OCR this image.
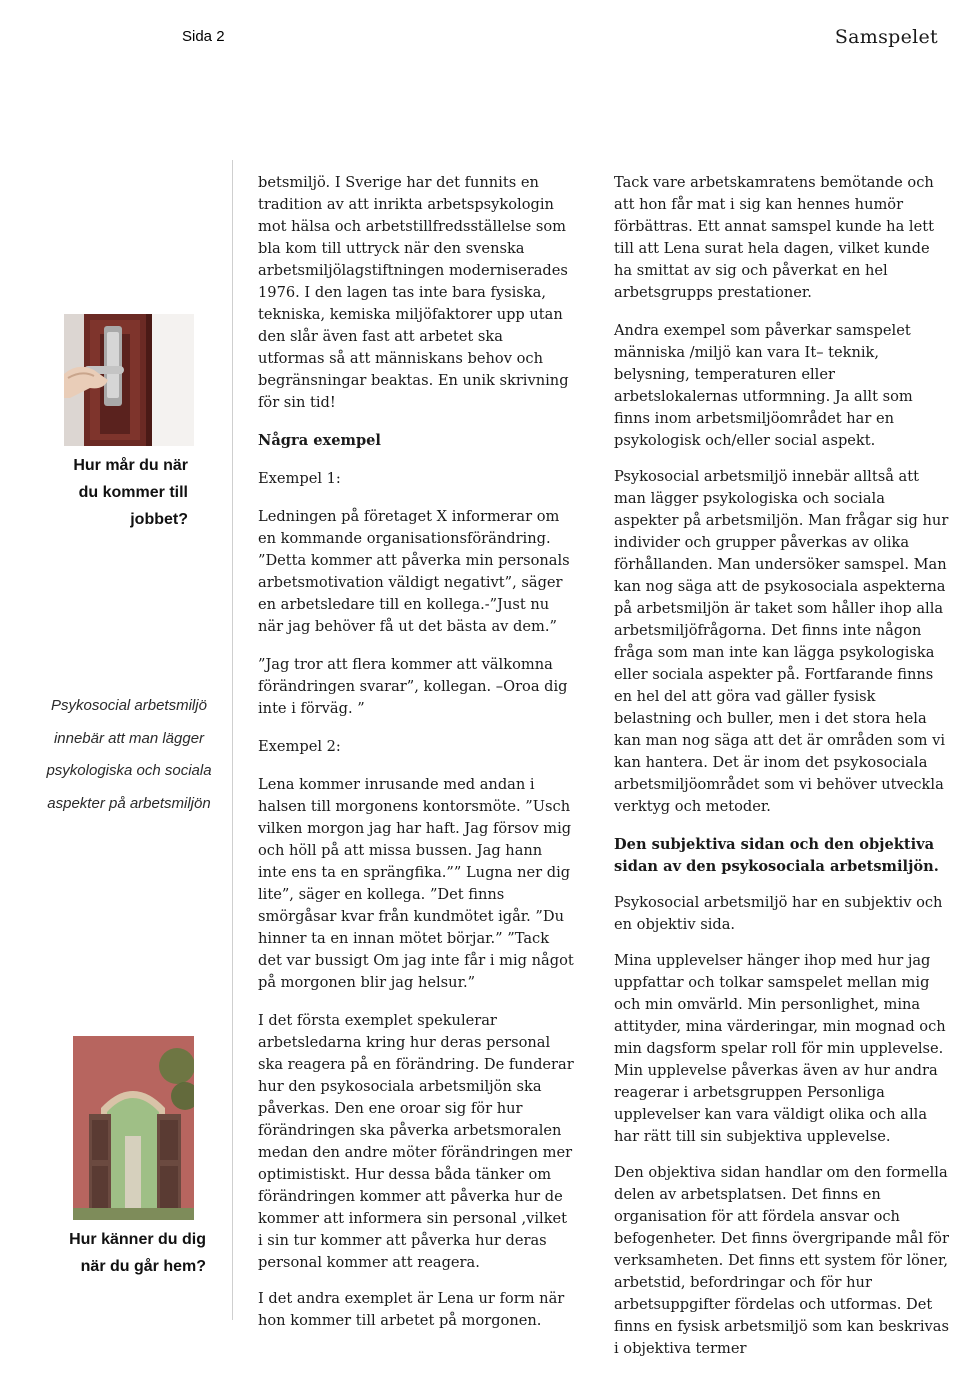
Sida 2	Samspelet
Hur mår du när du kommer till jobbet?
Psykosocial arbetsmiljö innebär att man lägger psykologiska och sociala aspekter på arbetsmiljön
Hur känner du dig när du går hem?

betsmiljö. I Sverige har det funnits en tradition av att inrikta arbetspsykologin mot hälsa och arbetstillfredsställelse som bla kom till uttryck när den svenska arbetsmiljölagstiftningen moderniserades 1976. I den lagen tas inte bara fysiska, tekniska, kemiska miljöfaktorer upp utan den slår även fast att arbetet ska utformas så att människans behov och begränsningar beaktas. En unik skrivning för sin tid!

Några exempel

Exempel 1:

Ledningen på företaget X informerar om en kommande organisationsförändring. ”Detta kommer att påverka min personals arbetsmotivation väldigt negativt”, säger en arbetsledare till en kollega.-”Just nu när jag behöver få ut det bästa av dem.”

”Jag tror att flera kommer att välkomna förändringen svarar”, kollegan. –Oroa dig inte i förväg. ”

Exempel 2:

Lena kommer inrusande med andan i halsen till morgonens kontorsmöte. ”Usch vilken morgon jag har haft. Jag försov mig och höll på att missa bussen. Jag hann inte ens ta en sprängfika.”” Lugna ner dig lite”, säger en kollega. ”Det finns smörgåsar kvar från kundmötet igår. ”Du hinner ta en innan mötet börjar.” ”Tack det var bussigt Om jag inte får i mig något på morgonen blir jag helsur.”

I det första exemplet spekulerar arbetsledarna kring hur deras personal ska reagera på en förändring. De funderar hur den psykosociala arbetsmiljön ska påverkas. Den ene oroar sig för hur förändringen ska påverka arbetsmoralen medan den andre möter förändringen mer optimistiskt. Hur dessa båda tänker om förändringen kommer att påverka hur de kommer att informera sin personal ,vilket i sin tur kommer att påverka hur deras personal kommer att reagera.

I det andra exemplet är Lena ur form när hon kommer till arbetet på morgonen.

Tack vare arbetskamratens bemötande och att hon får mat i sig kan hennes humör förbättras. Ett annat samspel kunde ha lett till att Lena surat hela dagen, vilket kunde ha smittat av sig och påverkat en hel arbetsgrupps prestationer.

Andra exempel som påverkar samspelet människa /miljö kan vara It– teknik, belysning, temperaturen eller arbetslokalernas utformning. Ja allt som finns inom arbetsmiljöområdet har en psykologisk och/eller social aspekt.

Psykosocial arbetsmiljö innebär alltså att man lägger psykologiska och sociala aspekter på arbetsmiljön. Man frågar sig hur individer och grupper påverkas av olika förhållanden. Man undersöker samspel. Man kan nog säga att de psykosociala aspekterna på arbetsmiljön är taket som håller ihop alla arbetsmiljöfrågorna. Det finns inte någon fråga som man inte kan lägga psykologiska eller sociala aspekter på. Fortfarande finns en hel del att göra vad gäller fysisk belastning och buller, men i det stora hela kan man nog säga att det är områden som vi kan hantera. Det är inom det psykosociala arbetsmiljöområdet som vi behöver utveckla verktyg och metoder.

Den subjektiva sidan och den objektiva sidan av den psykosociala arbetsmiljön.

Psykosocial arbetsmiljö har en subjektiv och en objektiv sida.

Mina upplevelser hänger ihop med hur jag uppfattar och tolkar samspelet mellan mig och min omvärld. Min personlighet, mina attityder, mina värderingar, min mognad och min dagsform spelar roll för min upplevelse. Min upplevelse påverkas även av hur andra reagerar i arbetsgruppen Personliga upplevelser kan vara väldigt olika och alla har rätt till sin subjektiva upplevelse.

Den objektiva sidan handlar om den formella delen av arbetsplatsen. Det finns en organisation för att fördela ansvar och befogenheter. Det finns övergripande mål för verksamheten. Det finns ett system för löner, arbetstid, befordringar och för hur arbetsuppgifter fördelas och utformas. Det finns en fysisk arbetsmiljö som kan beskrivas i objektiva termer
